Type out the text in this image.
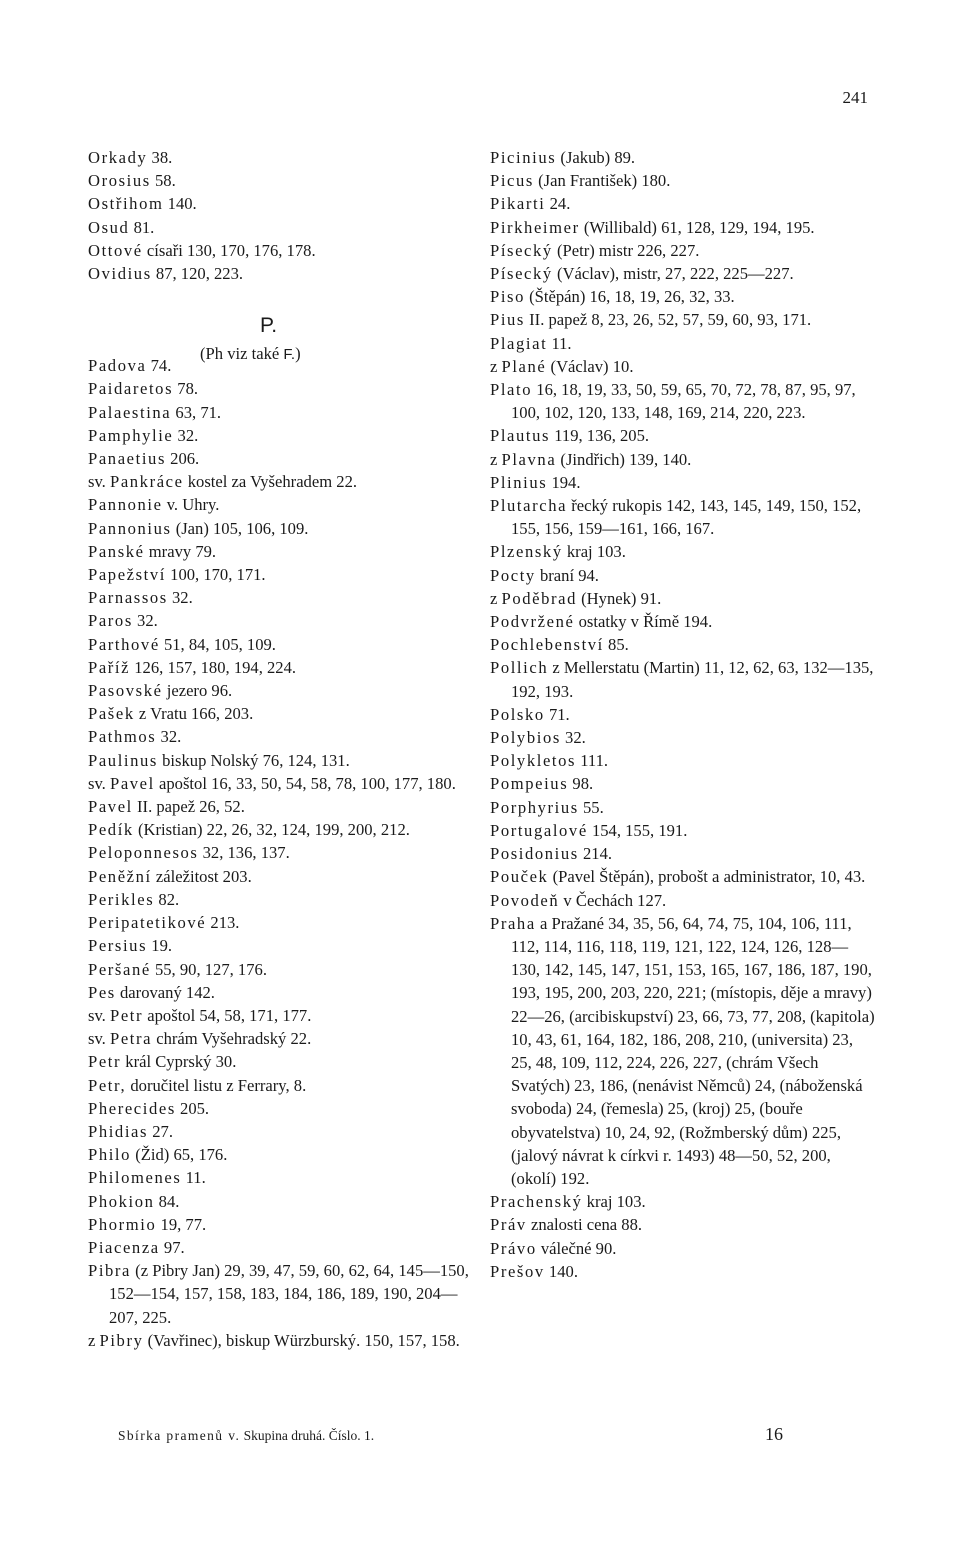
241
Orkady 38.
Orosius 58.
Ostřihom 140.
Osud 81.
Ottové císaři 130, 170, 176, 178.
Ovidius 87, 120, 223.
Padova 74.
Paidaretos 78.
Palaestina 63, 71.
Pamphylie 32.
Panaetius 206.
sv. Pankráce kostel za Vyšehradem 22.
Pannonie v. Uhry.
Pannonius (Jan) 105, 106, 109.
Panské mravy 79.
Papežství 100, 170, 171.
Parnassos 32.
Paros 32.
Parthové 51, 84, 105, 109.
Paříž 126, 157, 180, 194, 224.
Pasovské jezero 96.
Pašek z Vratu 166, 203.
Pathmos 32.
Paulinus biskup Nolský 76, 124, 131.
sv. Pavel apoštol 16, 33, 50, 54, 58, 78, 100, 177, 180.
Pavel II. papež 26, 52.
Pedík (Kristian) 22, 26, 32, 124, 199, 200, 212.
Peloponnesos 32, 136, 137.
Peněžní záležitost 203.
Perikles 82.
Peripatetikové 213.
Persius 19.
Peršané 55, 90, 127, 176.
Pes darovaný 142.
sv. Petr apoštol 54, 58, 171, 177.
sv. Petra chrám Vyšehradský 22.
Petr král Cyprský 30.
Petr, doručitel listu z Ferrary, 8.
Pherecides 205.
Phidias 27.
Philo (Žid) 65, 176.
Philomenes 11.
Phokion 84.
Phormio 19, 77.
Piacenza 97.
Pibra (z Pibry Jan) 29, 39, 47, 59, 60, 62, 64, 145—150, 152—154, 157, 158, 183, 184, 186, 189, 190, 204—207, 225.
z Pibry (Vavřinec), biskup Würzburský. 150, 157, 158.
P.
(Ph viz také F.)
Picinius (Jakub) 89.
Picus (Jan František) 180.
Pikarti 24.
Pirkheimer (Willibald) 61, 128, 129, 194, 195.
Písecký (Petr) mistr 226, 227.
Písecký (Václav), mistr, 27, 222, 225—227.
Piso (Štěpán) 16, 18, 19, 26, 32, 33.
Pius II. papež 8, 23, 26, 52, 57, 59, 60, 93, 171.
Plagiat 11.
z Plané (Václav) 10.
Plato 16, 18, 19, 33, 50, 59, 65, 70, 72, 78, 87, 95, 97, 100, 102, 120, 133, 148, 169, 214, 220, 223.
Plautus 119, 136, 205.
z Plavna (Jindřich) 139, 140.
Plinius 194.
Plutarcha řecký rukopis 142, 143, 145, 149, 150, 152, 155, 156, 159—161, 166, 167.
Plzenský kraj 103.
Pocty braní 94.
z Poděbrad (Hynek) 91.
Podvržené ostatky v Římě 194.
Pochlebenství 85.
Pollich z Mellerstatu (Martin) 11, 12, 62, 63, 132—135, 192, 193.
Polsko 71.
Polybios 32.
Polykletos 111.
Pompeius 98.
Porphyrius 55.
Portugalové 154, 155, 191.
Posidonius 214.
Pouček (Pavel Štěpán), probošt a administrator, 10, 43.
Povodeň v Čechách 127.
Praha a Pražané 34, 35, 56, 64, 74, 75, 104, 106, 111, 112, 114, 116, 118, 119, 121, 122, 124, 126, 128—130, 142, 145, 147, 151, 153, 165, 167, 186, 187, 190, 193, 195, 200, 203, 220, 221; (místopis, děje a mravy) 22—26, (arcibiskupství) 23, 66, 73, 77, 208, (kapitola) 10, 43, 61, 164, 182, 186, 208, 210, (universita) 23, 25, 48, 109, 112, 224, 226, 227, (chrám Všech Svatých) 23, 186, (nenávist Němců) 24, (náboženská svoboda) 24, (řemesla) 25, (kroj) 25, (bouře obyvatelstva) 10, 24, 92, (Rožmberský dům) 225, (jalový návrat k církvi r. 1493) 48—50, 52, 200, (okolí) 192.
Prachenský kraj 103.
Práv znalosti cena 88.
Právo válečné 90.
Prešov 140.
Sbírka pramenů v. Skupina druhá. Číslo. 1.	16
